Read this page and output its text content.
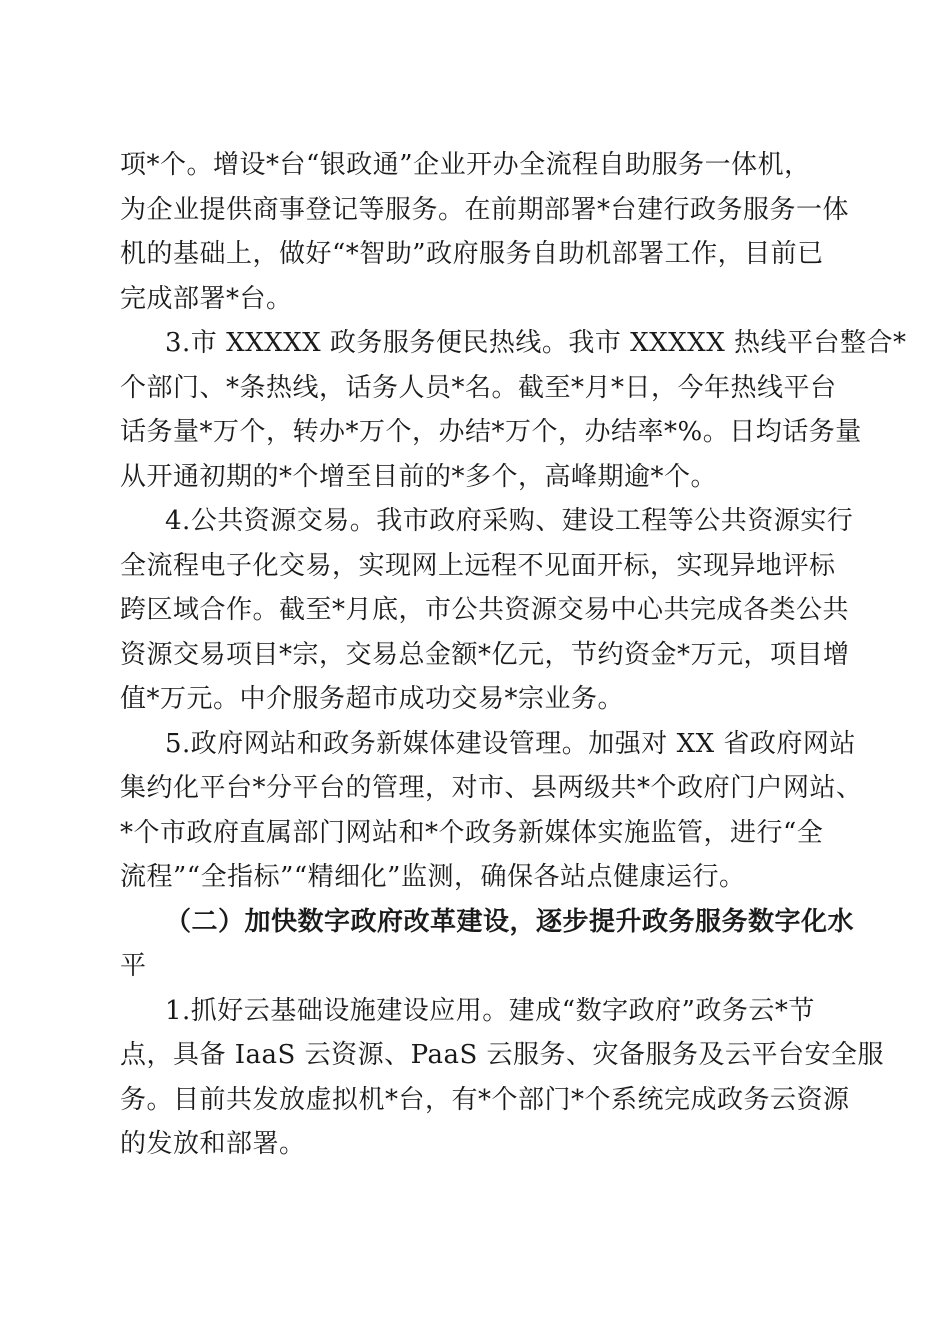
项*个。增设*台“银政通”企业开办全流程自助服务一体机，
为企业提供商事登记等服务。在前期部署*台建行政务服务一体
机的基础上，做好“*智助”政府服务自助机部署工作，目前已
完成部署*台。
3.市 XXXXX 政务服务便民热线。我市 XXXXX 热线平台整合*
个部门、*条热线，话务人员*名。截至*月*日，今年热线平台
话务量*万个，转办*万个，办结*万个，办结率*%。日均话务量
从开通初期的*个增至目前的*多个，高峰期逾*个。
4.公共资源交易。我市政府采购、建设工程等公共资源实行
全流程电子化交易，实现网上远程不见面开标，实现异地评标
跨区域合作。截至*月底，市公共资源交易中心共完成各类公共
资源交易项目*宗，交易总金额*亿元，节约资金*万元，项目增
值*万元。中介服务超市成功交易*宗业务。
5.政府网站和政务新媒体建设管理。加强对 XX 省政府网站
集约化平台*分平台的管理，对市、县两级共*个政府门户网站、
*个市政府直属部门网站和*个政务新媒体实施监管，进行“全
流程”“全指标”“精细化”监测，确保各站点健康运行。
（二）加快数字政府改革建设，逐步提升政务服务数字化水
平
1.抓好云基础设施建设应用。建成“数字政府”政务云*节
点，具备 IaaS 云资源、PaaS 云服务、灾备服务及云平台安全服
务。目前共发放虚拟机*台，有*个部门*个系统完成政务云资源
的发放和部署。
